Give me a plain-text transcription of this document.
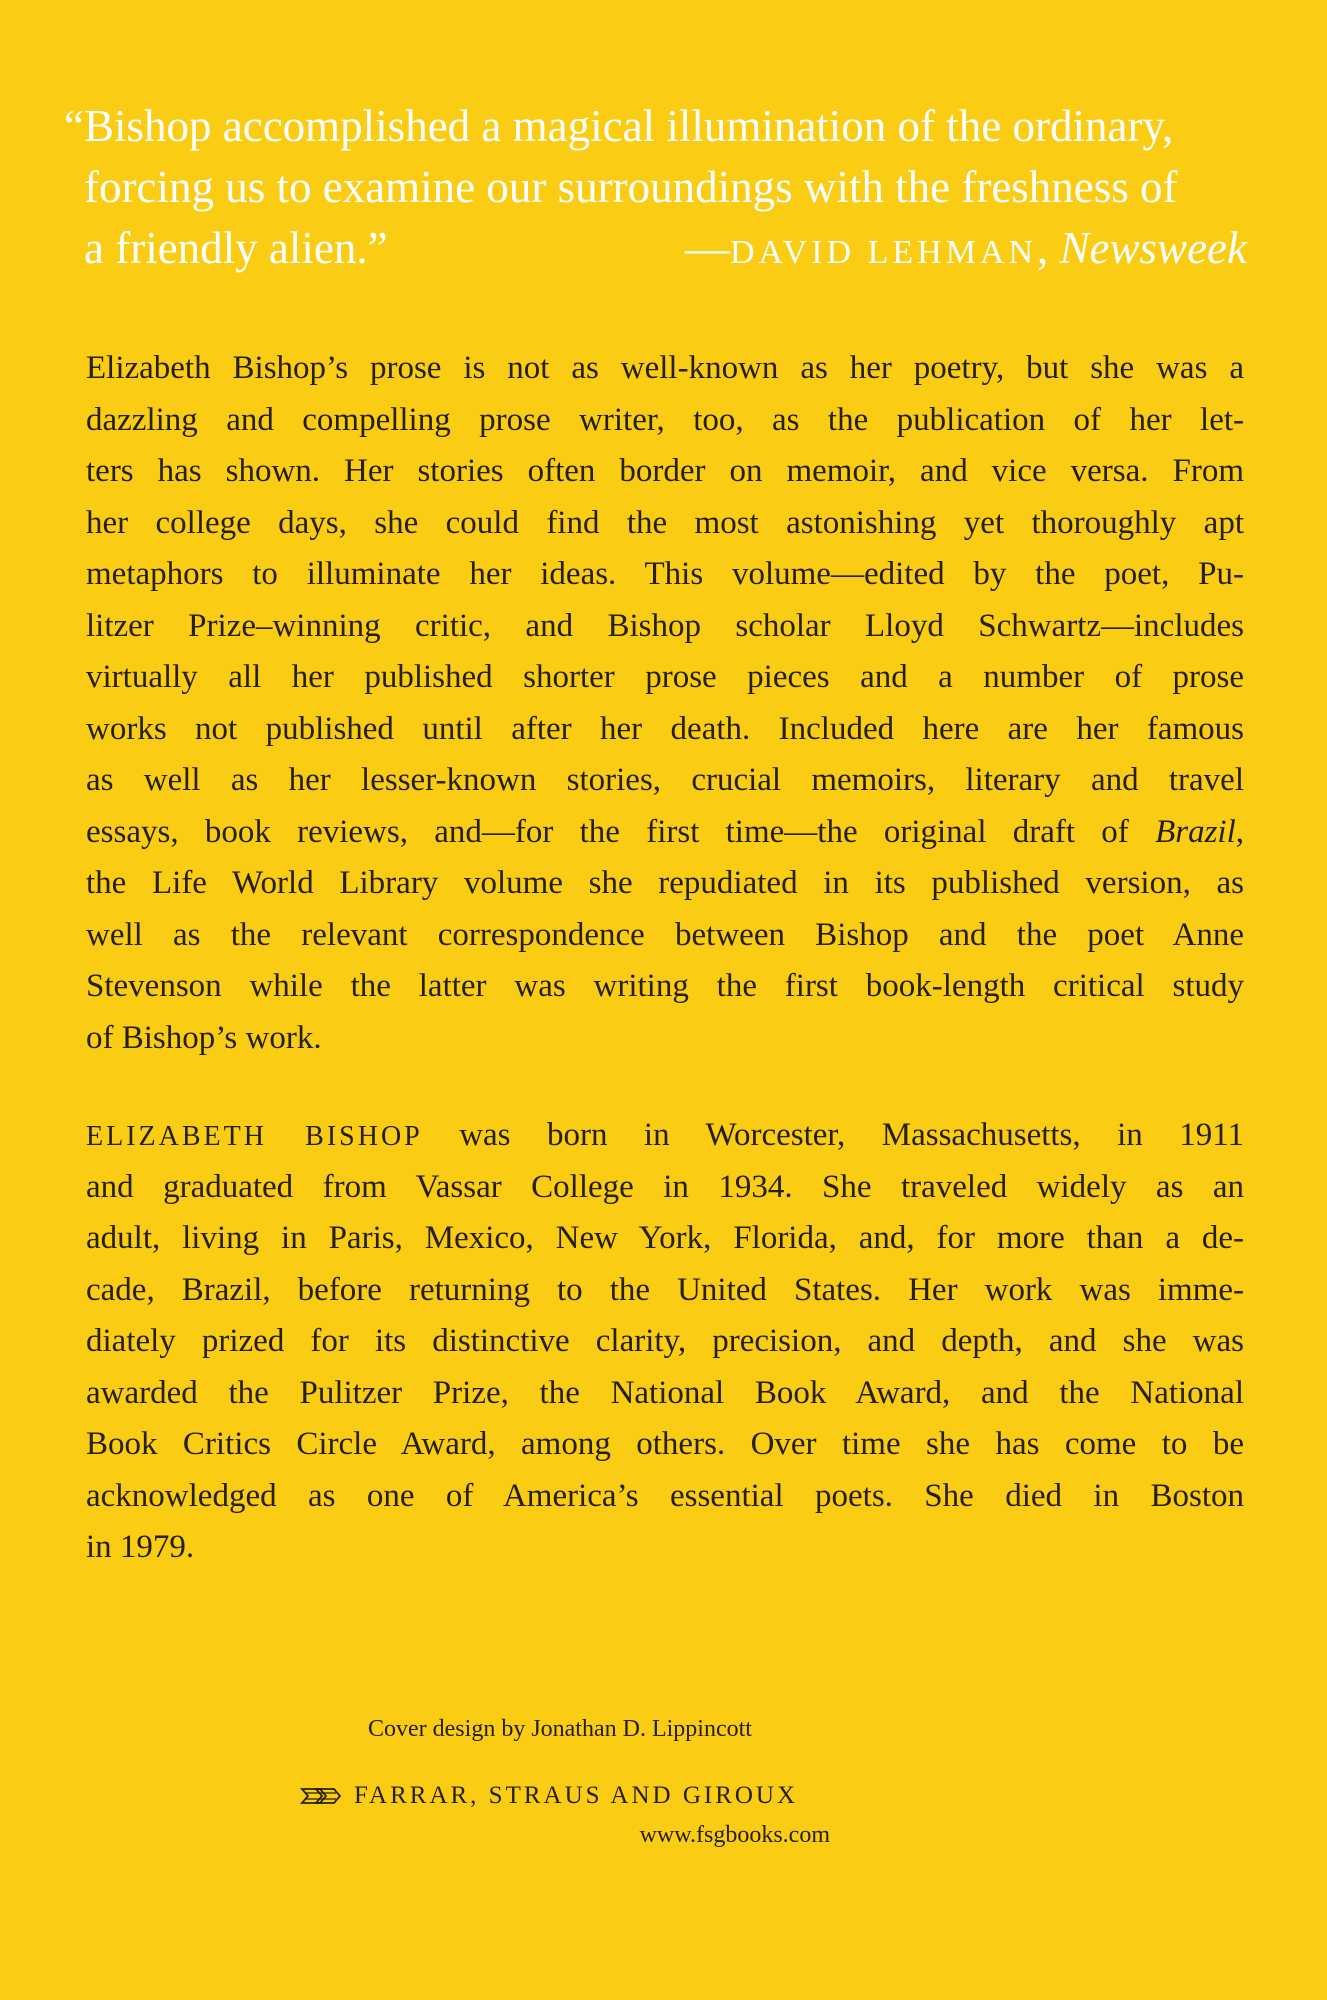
“Bishop accomplished a magical illumination of the ordinary,
forcing us to examine our surroundings with the freshness of
a friendly alien.”	—DAVID LEHMAN, Newsweek
Elizabeth Bishop’s prose is not as well-known as her poetry, but she was a
dazzling and compelling prose writer, too, as the publication of her let-
ters has shown. Her stories often border on memoir, and vice versa. From
her college days, she could find the most astonishing yet thoroughly apt
metaphors to illuminate her ideas. This volume—edited by the poet, Pu-
litzer Prize–winning critic, and Bishop scholar Lloyd Schwartz—includes
virtually all her published shorter prose pieces and a number of prose
works not published until after her death. Included here are her famous
as well as her lesser-known stories, crucial memoirs, literary and travel
essays, book reviews, and—for the first time—the original draft of Brazil,
the Life World Library volume she repudiated in its published version, as
well as the relevant correspondence between Bishop and the poet Anne
Stevenson while the latter was writing the first book-length critical study
of Bishop’s work.
ELIZABETH BISHOP was born in Worcester, Massachusetts, in 1911
and graduated from Vassar College in 1934. She traveled widely as an
adult, living in Paris, Mexico, New York, Florida, and, for more than a de-
cade, Brazil, before returning to the United States. Her work was imme-
diately prized for its distinctive clarity, precision, and depth, and she was
awarded the Pulitzer Prize, the National Book Award, and the National
Book Critics Circle Award, among others. Over time she has come to be
acknowledged as one of America’s essential poets. She died in Boston
in 1979.
Cover design by Jonathan D. Lippincott
FARRAR, STRAUS AND GIROUX
www.fsgbooks.com
